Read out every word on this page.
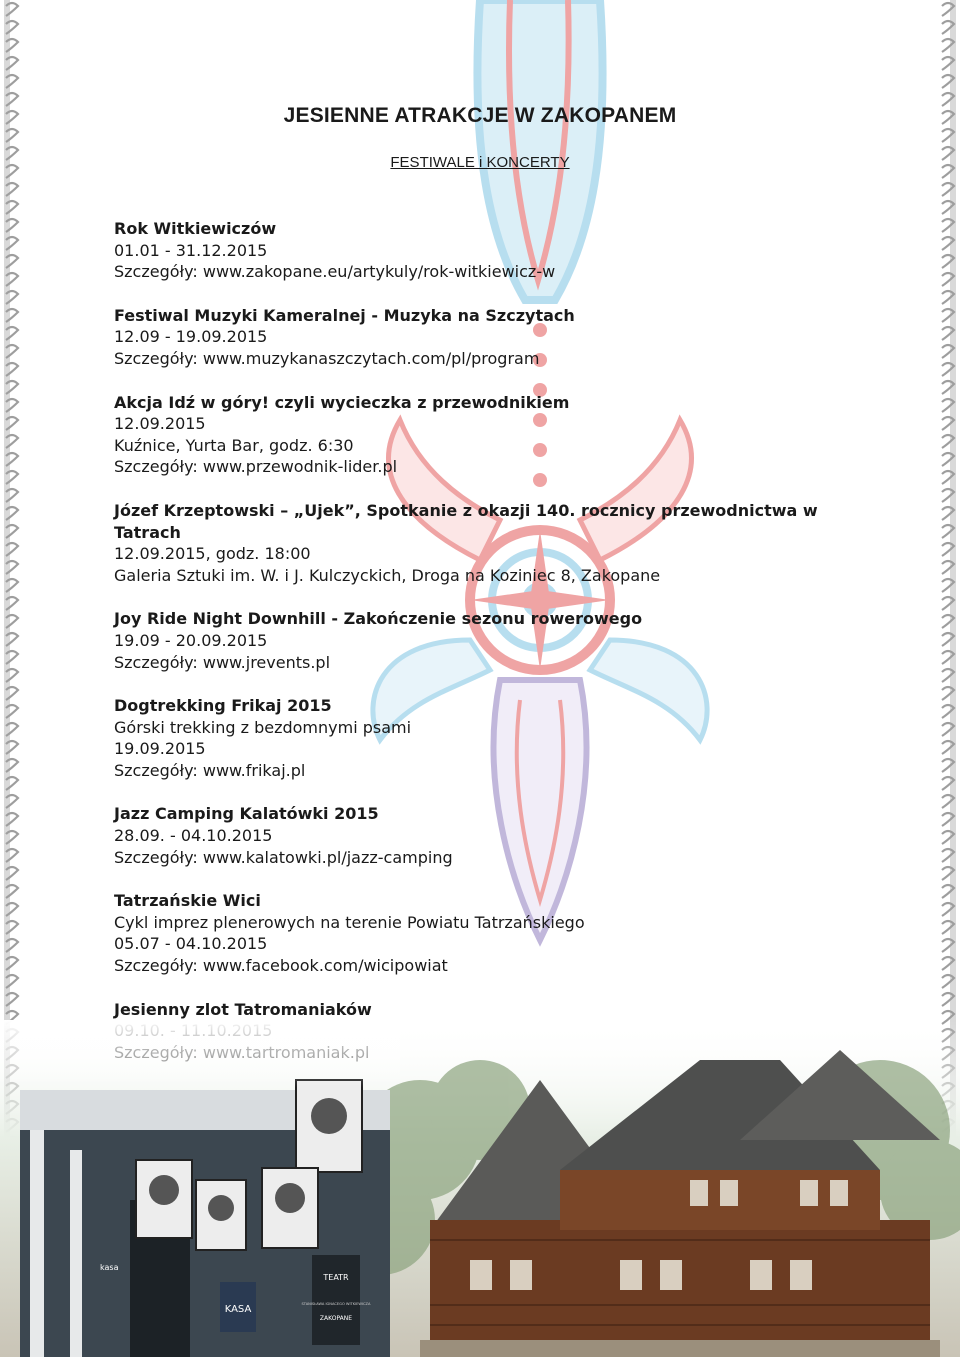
JESIENNE ATRAKCJE W ZAKOPANEM
FESTIWALE i KONCERTY
Rok Witkiewiczów
01.01 - 31.12.2015
Szczegóły: www.zakopane.eu/artykuly/rok-witkiewicz-w
Festiwal Muzyki Kameralnej - Muzyka na Szczytach
12.09 - 19.09.2015
Szczegóły: www.muzykanaszczytach.com/pl/program
Akcja Idź w góry! czyli wycieczka z przewodnikiem
12.09.2015
Kuźnice, Yurta Bar, godz. 6:30
Szczegóły: www.przewodnik-lider.pl
Józef Krzeptowski – „Ujek”, Spotkanie z okazji 140. rocznicy przewodnictwa w Tatrach
12.09.2015, godz. 18:00
Galeria Sztuki im. W. i J. Kulczyckich, Droga na Koziniec 8, Zakopane
Joy Ride Night Downhill - Zakończenie sezonu rowerowego
19.09 - 20.09.2015
Szczegóły: www.jrevents.pl
Dogtrekking Frikaj 2015
Górski trekking z bezdomnymi psami
19.09.2015
Szczegóły: www.frikaj.pl
Jazz Camping Kalatówki 2015
28.09. - 04.10.2015
Szczegóły: www.kalatowki.pl/jazz-camping
Tatrzańskie Wici
Cykl imprez plenerowych na terenie Powiatu Tatrzańskiego
05.07 - 04.10.2015
Szczegóły: www.facebook.com/wicipowiat
Jesienny zlot Tatromaniaków
